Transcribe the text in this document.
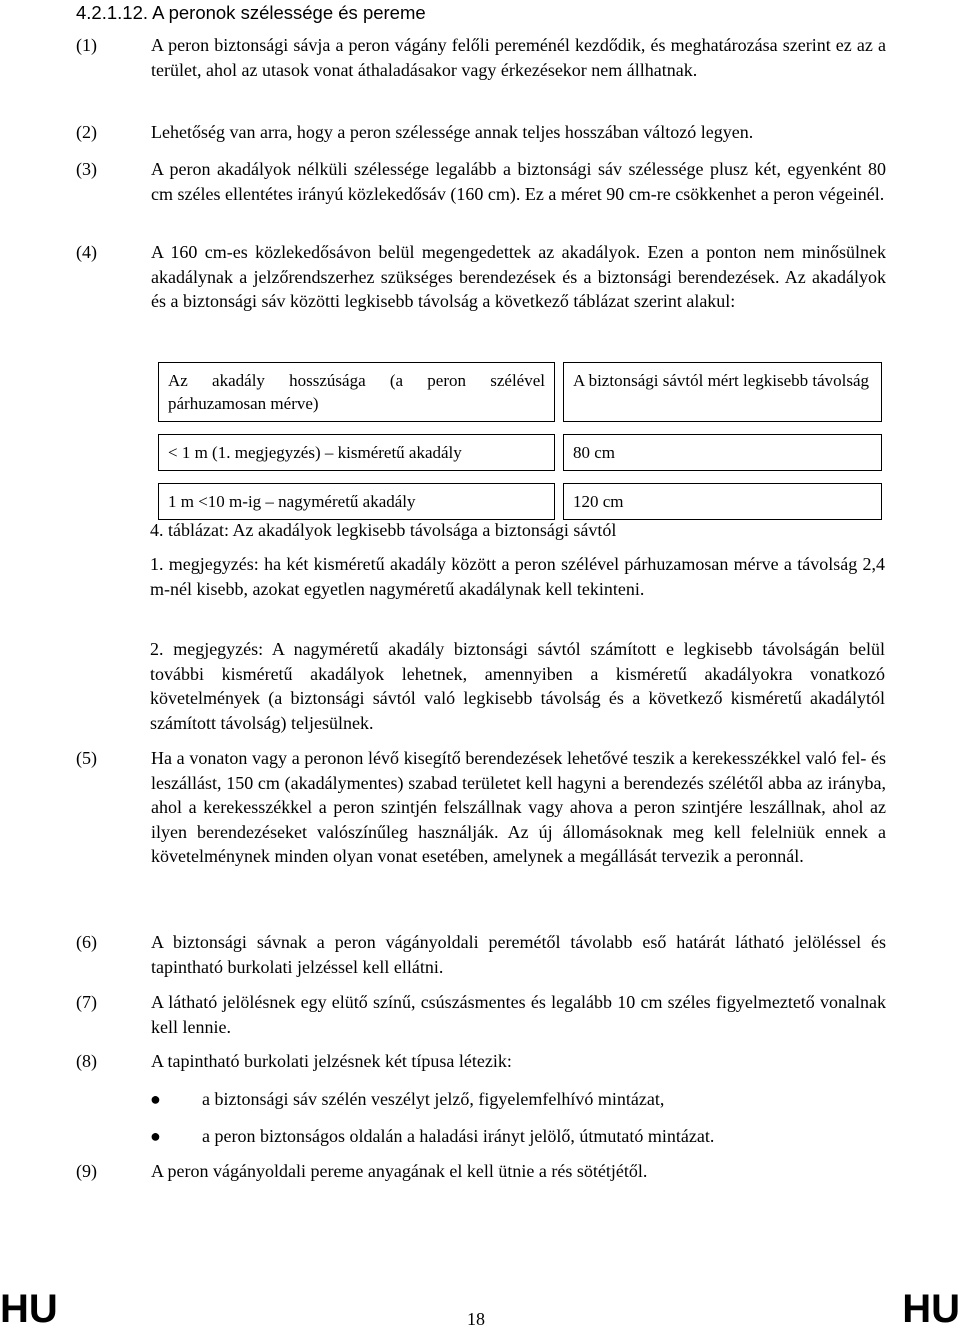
4.2.1.12. A peronok szélessége és pereme
(1)	A peron biztonsági sávja a peron vágány felőli pereménél kezdődik, és meghatározása szerint ez az a terület, ahol az utasok vonat áthaladásakor vagy érkezésekor nem állhatnak.
(2)	Lehetőség van arra, hogy a peron szélessége annak teljes hosszában változó legyen.
(3)	A peron akadályok nélküli szélessége legalább a biztonsági sáv szélessége plusz két, egyenként 80 cm széles ellentétes irányú közlekedősáv (160 cm). Ez a méret 90 cm-re csökkenhet a peron végeinél.
(4)	A 160 cm-es közlekedősávon belül megengedettek az akadályok. Ezen a ponton nem minősülnek akadálynak a jelzőrendszerhez szükséges berendezések és a biztonsági berendezések. Az akadályok és a biztonsági sáv közötti legkisebb távolság a következő táblázat szerint alakul:
Az akadály hosszúsága (a peron szélével párhuzamosan mérve)	A biztonsági sávtól mért legkisebb távolság
< 1 m (1. megjegyzés) – kisméretű akadály	80 cm
1 m <10 m-ig – nagyméretű akadály	120 cm
4. táblázat: Az akadályok legkisebb távolsága a biztonsági sávtól
1. megjegyzés: ha két kisméretű akadály között a peron szélével párhuzamosan mérve a távolság 2,4 m-nél kisebb, azokat egyetlen nagyméretű akadálynak kell tekinteni.
2. megjegyzés: A nagyméretű akadály biztonsági sávtól számított e legkisebb távolságán belül további kisméretű akadályok lehetnek, amennyiben a kisméretű akadályokra vonatkozó követelmények (a biztonsági sávtól való legkisebb távolság és a következő kisméretű akadálytól számított távolság) teljesülnek.
(5)	Ha a vonaton vagy a peronon lévő kisegítő berendezések lehetővé teszik a kerekesszékkel való fel- és leszállást, 150 cm (akadálymentes) szabad területet kell hagyni a berendezés szélétől abba az irányba, ahol a kerekesszékkel a peron szintjén felszállnak vagy ahova a peron szintjére leszállnak, ahol az ilyen berendezéseket valószínűleg használják. Az új állomásoknak meg kell felelniük ennek a követelménynek minden olyan vonat esetében, amelynek a megállását tervezik a peronnál.
(6)	A biztonsági sávnak a peron vágányoldali peremétől távolabb eső határát látható jelöléssel és tapintható burkolati jelzéssel kell ellátni.
(7)	A látható jelölésnek egy elütő színű, csúszásmentes és legalább 10 cm széles figyelmeztető vonalnak kell lennie.
(8)	A tapintható burkolati jelzésnek két típusa létezik:
● a biztonsági sáv szélén veszélyt jelző, figyelemfelhívó mintázat,
● a peron biztonságos oldalán a haladási irányt jelölő, útmutató mintázat.
(9)	A peron vágányoldali pereme anyagának el kell ütnie a rés sötétjétől.
HU	18	HU
